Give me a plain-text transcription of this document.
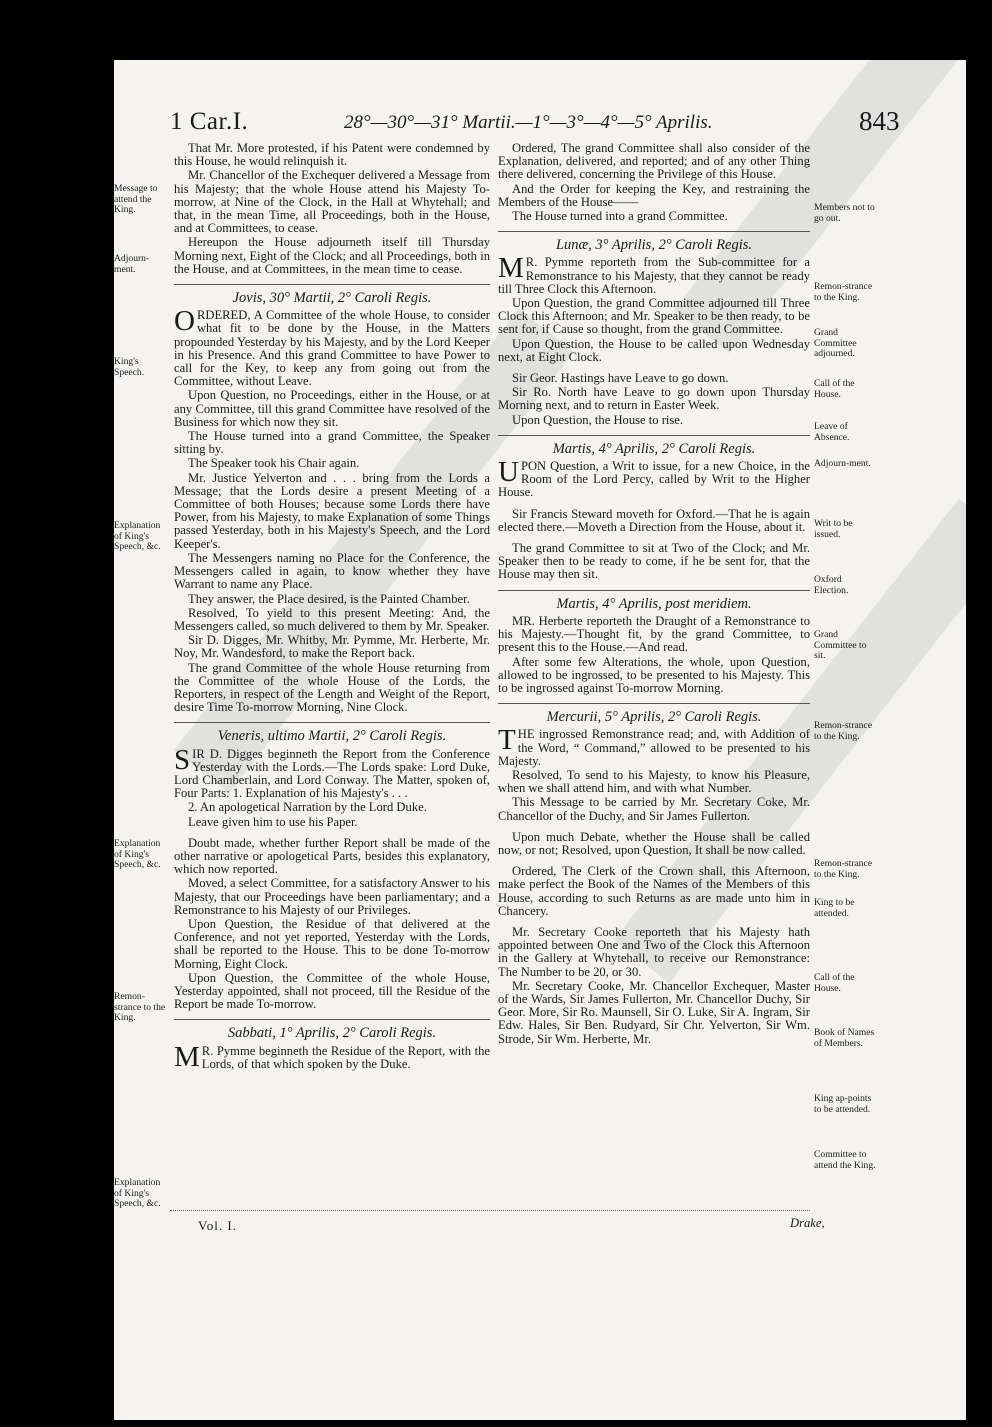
1 Car.I.	28°—30°—31° Martii.—1°—3°—4°—5° Aprilis.	843
Message to attend the King.
Adjourn-ment.
King's Speech.
Explanation of King's Speech, &c.
Explanation of King's Speech, &c.
Remon-strance to the King.
Explanation of King's Speech, &c.
Members not to go out.
Remon-strance to the King.
Grand Committee adjourned.
Call of the House.
Leave of Absence.
Adjourn-ment.
Writ to be issued.
Oxford Election.
Grand Committee to sit.
Remon-strance to the King.
Remon-strance to the King.
King to be attended.
Call of the House.
Book of Names of Members.
King ap-points to be attended.
Committee to attend the King.

That Mr. More protested, if his Patent were condemned by this House, he would relinquish it.

Mr. Chancellor of the Exchequer delivered a Message from his Majesty; that the whole House attend his Majesty To-morrow, at Nine of the Clock, in the Hall at Whytehall; and that, in the mean Time, all Proceedings, both in the House, and at Committees, to cease.

Hereupon the House adjourneth itself till Thursday Morning next, Eight of the Clock; and all Proceedings, both in the House, and at Committees, in the mean time to cease.

Jovis, 30° Martii, 2° Caroli Regis.

ORDERED, A Committee of the whole House, to consider what fit to be done by the House, in the Matters propounded Yesterday by his Majesty, and by the Lord Keeper in his Presence. And this grand Committee to have Power to call for the Key, to keep any from going out from the Committee, without Leave.

Upon Question, no Proceedings, either in the House, or at any Committee, till this grand Committee have resolved of the Business for which now they sit.

The House turned into a grand Committee, the Speaker sitting by.

The Speaker took his Chair again.

Mr. Justice Yelverton and . . . bring from the Lords a Message; that the Lords desire a present Meeting of a Committee of both Houses; because some Lords there have Power, from his Majesty, to make Explanation of some Things passed Yesterday, both in his Majesty's Speech, and the Lord Keeper's.

The Messengers naming no Place for the Conference, the Messengers called in again, to know whether they have Warrant to name any Place.

They answer, the Place desired, is the Painted Chamber.

Resolved, To yield to this present Meeting: And, the Messengers called, so much delivered to them by Mr. Speaker.

Sir D. Digges, Mr. Whitby, Mr. Pymme, Mr. Herberte, Mr. Noy, Mr. Wandesford, to make the Report back.

The grand Committee of the whole House returning from the Committee of the whole House of the Lords, the Reporters, in respect of the Length and Weight of the Report, desire Time To-morrow Morning, Nine Clock.

Veneris, ultimo Martii, 2° Caroli Regis.

SIR D. Digges beginneth the Report from the Conference Yesterday with the Lords.—The Lords spake: Lord Duke, Lord Chamberlain, and Lord Conway. The Matter, spoken of, Four Parts: 1. Explanation of his Majesty's . . .

2. An apologetical Narration by the Lord Duke.

Leave given him to use his Paper.

Doubt made, whether further Report shall be made of the other narrative or apologetical Parts, besides this explanatory, which now reported.

Moved, a select Committee, for a satisfactory Answer to his Majesty, that our Proceedings have been parliamentary; and a Remonstrance to his Majesty of our Privileges.

Upon Question, the Residue of that delivered at the Conference, and not yet reported, Yesterday with the Lords, shall be reported to the House. This to be done To-morrow Morning, Eight Clock.

Upon Question, the Committee of the whole House, Yesterday appointed, shall not proceed, till the Residue of the Report be made To-morrow.

Sabbati, 1° Aprilis, 2° Caroli Regis.

MR. Pymme beginneth the Residue of the Report, with the Lords, of that which spoken by the Duke.

Ordered, The grand Committee shall also consider of the Explanation, delivered, and reported; and of any other Thing there delivered, concerning the Privilege of this House.

And the Order for keeping the Key, and restraining the Members of the House——

The House turned into a grand Committee.

Lunæ, 3° Aprilis, 2° Caroli Regis.

MR. Pymme reporteth from the Sub-committee for a Remonstrance to his Majesty, that they cannot be ready till Three Clock this Afternoon.

Upon Question, the grand Committee adjourned till Three Clock this Afternoon; and Mr. Speaker to be then ready, to be sent for, if Cause so thought, from the grand Committee.

Upon Question, the House to be called upon Wednesday next, at Eight Clock.

Sir Geor. Hastings have Leave to go down.

Sir Ro. North have Leave to go down upon Thursday Morning next, and to return in Easter Week.

Upon Question, the House to rise.

Martis, 4° Aprilis, 2° Caroli Regis.

UPON Question, a Writ to issue, for a new Choice, in the Room of the Lord Percy, called by Writ to the Higher House.

Sir Francis Steward moveth for Oxford.—That he is again elected there.—Moveth a Direction from the House, about it.

The grand Committee to sit at Two of the Clock; and Mr. Speaker then to be ready to come, if he be sent for, that the House may then sit.

Martis, 4° Aprilis, post meridiem.

MR. Herberte reporteth the Draught of a Remonstrance to his Majesty.—Thought fit, by the grand Committee, to present this to the House.—And read.

After some few Alterations, the whole, upon Question, allowed to be ingrossed, to be presented to his Majesty. This to be ingrossed against To-morrow Morning.

Mercurii, 5° Aprilis, 2° Caroli Regis.

THE ingrossed Remonstrance read; and, with Addition of the Word, “ Command,” allowed to be presented to his Majesty.

Resolved, To send to his Majesty, to know his Pleasure, when we shall attend him, and with what Number.

This Message to be carried by Mr. Secretary Coke, Mr. Chancellor of the Duchy, and Sir James Fullerton.

Upon much Debate, whether the House shall be called now, or not; Resolved, upon Question, It shall be now called.

Ordered, The Clerk of the Crown shall, this Afternoon, make perfect the Book of the Names of the Members of this House, according to such Returns as are made unto him in Chancery.

Mr. Secretary Cooke reporteth that his Majesty hath appointed between One and Two of the Clock this Afternoon in the Gallery at Whytehall, to receive our Remonstrance: The Number to be 20, or 30.

Mr. Secretary Cooke, Mr. Chancellor Exchequer, Master of the Wards, Sir James Fullerton, Mr. Chancellor Duchy, Sir Geor. More, Sir Ro. Maunsell, Sir O. Luke, Sir A. Ingram, Sir Edw. Hales, Sir Ben. Rudyard, Sir Chr. Yelverton, Sir Wm. Strode, Sir Wm. Herberte, Mr.

Vol. I.	Drake,
